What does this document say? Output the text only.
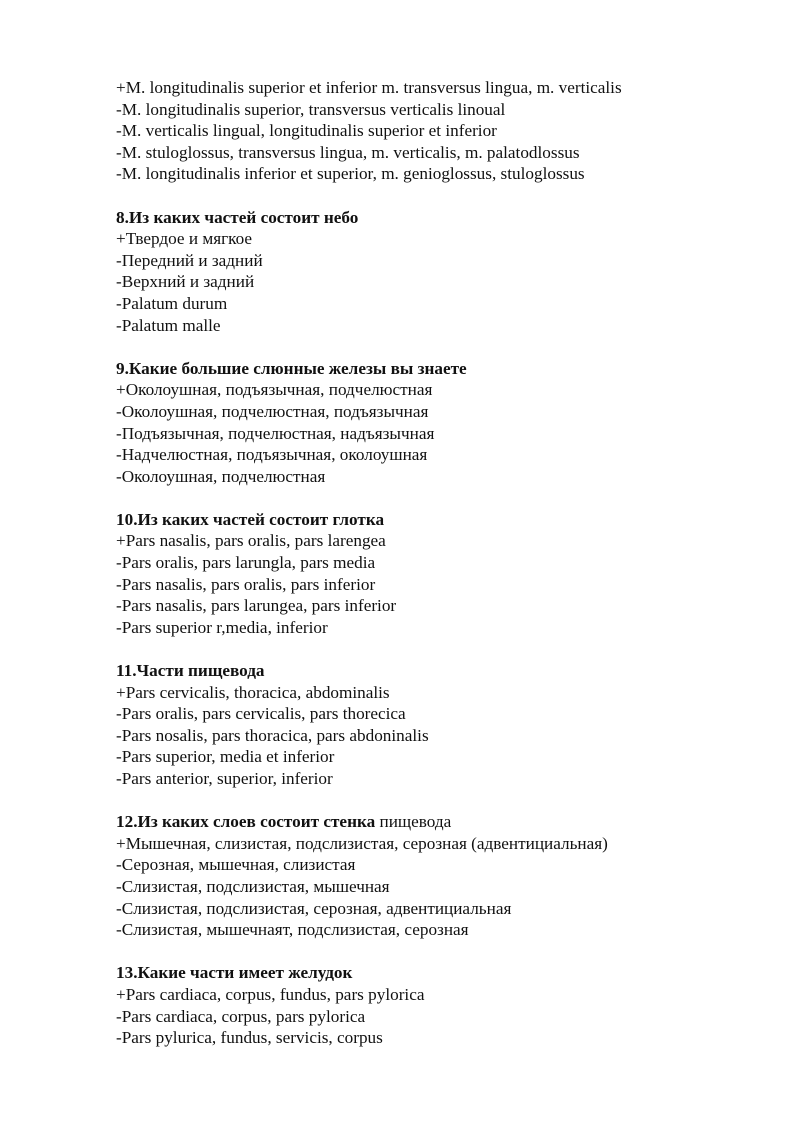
+M. longitudinalis superior et inferior m. transversus lingua, m. verticalis
-M. longitudinalis superior, transversus verticalis linoual
-M. verticalis lingual, longitudinalis superior et inferior
-M. stuloglossus, transversus lingua, m. verticalis, m. palatodlossus
-M. longitudinalis inferior et superior, m. genioglossus, stuloglossus
8.Из каких частей состоит небо
+Твердое и мягкое
-Передний и задний
-Верхний и задний
-Palatum durum
-Palatum malle
9.Какие большие слюнные железы вы знаете
+Околоушная, подъязычная, подчелюстная
-Околоушная, подчелюстная, подъязычная
-Подъязычная, подчелюстная, надъязычная
-Надчелюстная, подъязычная, околоушная
-Околоушная, подчелюстная
10.Из каких частей состоит глотка
+Pars nasalis, pars oralis, pars larengea
-Pars oralis, pars larungla, pars media
-Pars nasalis, pars oralis, pars inferior
-Pars nasalis, pars larungea, pars inferior
-Pars superior r,media, inferior
11.Части пищевода
+Pars cervicalis, thoracica, abdominalis
-Pars oralis, pars cervicalis, pars thorecica
-Pars nosalis, pars thoracica, pars abdoninalis
-Pars superior, media et inferior
-Pars anterior, superior, inferior
12.Из каких слоев состоит стенка пищевода
+Мышечная, слизистая, подслизистая, серозная (адвентициальная)
-Серозная, мышечная, слизистая
-Слизистая, подслизистая, мышечная
-Слизистая, подслизистая, серозная, адвентициальная
-Слизистая, мышечнаят, подслизистая, серозная
13.Какие части имеет желудок
+Pars cardiaca, corpus, fundus, pars pylorica
-Pars cardiaca, corpus, pars pylorica
-Pars pylurica, fundus, servicis, corpus
